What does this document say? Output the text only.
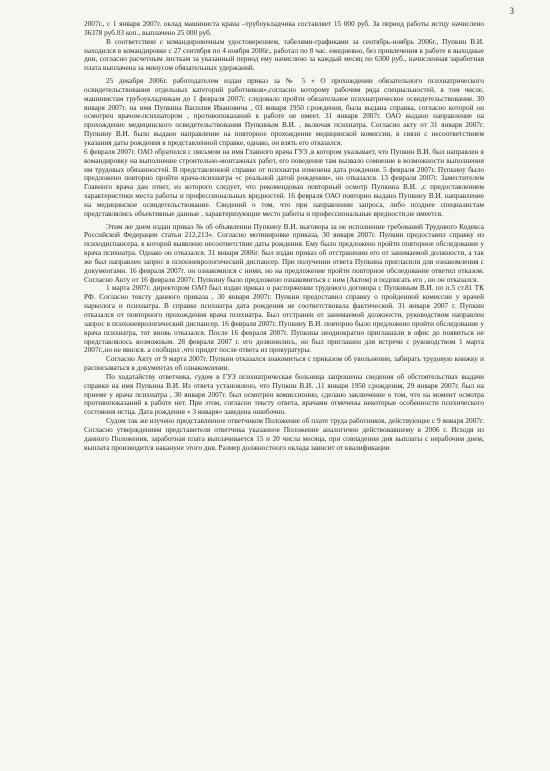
3

2007г., с 1 января 2007г. оклад машиниста крана –трубоукладчика составляет 15 000 руб. За период работы истцу начислено 36378 руб.03 коп., выплачено 25 000 руб.

В соответствии с командировочным удостоверением, табелями-графиками за сентябрь-ноябрь 2006г., Пупкин В.И. находился в командировке с 27 сентября по 4 ноября 2006г., работал по 8 час. ежедневно, без привлечения к работе в выходные дни, согласно расчетным листкам за указанный период ему начислено за каждый месяц по 6300 руб., начисленная заработная плата выплачена за минусом обязательных удержаний.

25 декабря 2006г. работодателем издан приказ за № 5 « О прохождении обязательного психиатрического освидетельствования отдельных категорий работников»,согласно которому рабочим ряда специальностей, в том числе, машинистам трубоукладчикам до 1 февраля 2007г. следовало пройти обязательное психиатрическое освидетельствование. 30 января 2007г. на имя Пупкина Василия Ивановича , 03 января 1950 г.рождения, была выдана справка, согласно которой он осмотрен врачом-психиатором , противопоказаний к работе не имеет. 31 января 2007г. ОАО выдано направление на прохождение медицинского освидетельствования Пупкиным В.И. , включая психиатра. Согласно акту от 31 января 2007г. Пупкину В.И. было выдано направление на повторное прохождение медицинской комиссии, в связи с несоответствием указания даты рождения в представленной справке, однако, он взять его отказался.

6 февраля 2007г. ОАО обратился с письмом на имя Главного врача ГУЗ ,в котором указывает, что Пупкин В.И. был направлен в командировку на выполнение строительно-монтажных работ, его поведение там вызвало сомнение в возможности выполнения им трудовых обязанностей. В представленной справке от психиатра изменена дата рождения. 5 февраля 2007г. Пупкину было предложено повторно пройти врача-психиатра «с реальной датой рождения», он отказался. 13 февраля 2007г. Заместителем Главного врача дан ответ, из которого следует, что рекомендован повторный осмотр Пупкина В.И. ,с предоставлением характеристики места работы и профессиональных вредностей. 16 февраля ОАО повторно выдано Пупкину В.И. направление на медицинское освидетельствование. Сведений о том, что при направлении запроса, либо позднее специалистам представлялись объективные данные , характеризующие место работы и профессиональные вредности,не имеется.

Этим же днем издан приказ № об объявлении Пупкину В.И. выговора за не исполнение требований Трудового Кодекса Российской Федерации статьи 212,213». Согласно мотивировке приказа, 30 января 2007г. Пупкин предоставил справку из психодиспансера, в которой выявлено несоответствие даты рождения. Ему было предложено пройти повторное обследование у врача психиатра. Однако он отказался. 31 января 2006г. был издан приказ об отстранении его от занимаемой должности, а так же был направлен запрос в психоневрологический диспансер. При получении ответа Пупкина пригласили для ознакомления с документами. 16 февраля 2007г. он ознакомился с ними, но на предложение пройти повторное обследование ответил отказом. Согласно Акту от 16 февраля 2007г. Пупкину было предложено ознакомиться с ним (Актом) и подписать его , но он отказался.

1 марта 2007г. директором ОАО был издан приказ о расторжении трудового договора с Пупкиным В.И. по п.5 ст.81 ТК РФ. Согласно тексту данного приказа , 30 января 2007г. Пупкин предоставил справку о пройденной комиссии у врачей нарколога и психиатра. В справке психиатра дата рождения не соответствовала фактической. 31 января 2007 г. Пупкин отказался от повторного прохождения врача психиатра. Был отстранен от занимаемой должности, руководством направлен запрос в психоневрологический диспансер. 16 февраля 2007г. Пупкину В.И. повторно было предложено пройти обследование у врача психиатра, тот вновь отказался. После 16 февраля 2007г. Пупкина неоднократно приглашали в офис до появиться не представлялось возможным. 28 февраля 2007 г. его дозвонились, он был приглашен для встречи с руководством 1 марта 2007г.,но не явился. а сообщил ,что придет после ответа из прокуратуры.

Согласно Акту от 9 марта 2007г. Пупкин отказался знакомиться с приказом об увольнении, забирать трудовую книжку и расписываться в документах об ознакомлении.

По ходатайству ответчика, судом в ГУЗ психиатрическая больница запрошены сведения об обстоятельствах выдачи справки на имя Пупкина В.И. Из ответа установлено, что Пупкин В.И. ,11 января 1950 г.рождения, 29 января 2007г. был на приеме у врача психиатра , 30 января 2007г. был осмотрен комиссионно, сделано заключение о том, что на момент осмотра противопоказаний к работе нет. При этом, согласно тексту ответа, врачами отмечены некоторые особенности психического состояния истца. Дата рождения « 3 января» заведена ошибочно.

Судом так же изучено представленное ответчиком Положение об плате труда работников, действующее с 9 января 2007г. Согласно утверждениям представителя ответчика указанное Положение аналогично действовавшему в 2006 г. Исходя из данного Положения, заработная плата выплачивается 15 и 20 числа месяца, при совпадении дня выплаты с нерабочим днем, выплата производится накануне этого дня. Размер должностного оклада зависит от квалификации
